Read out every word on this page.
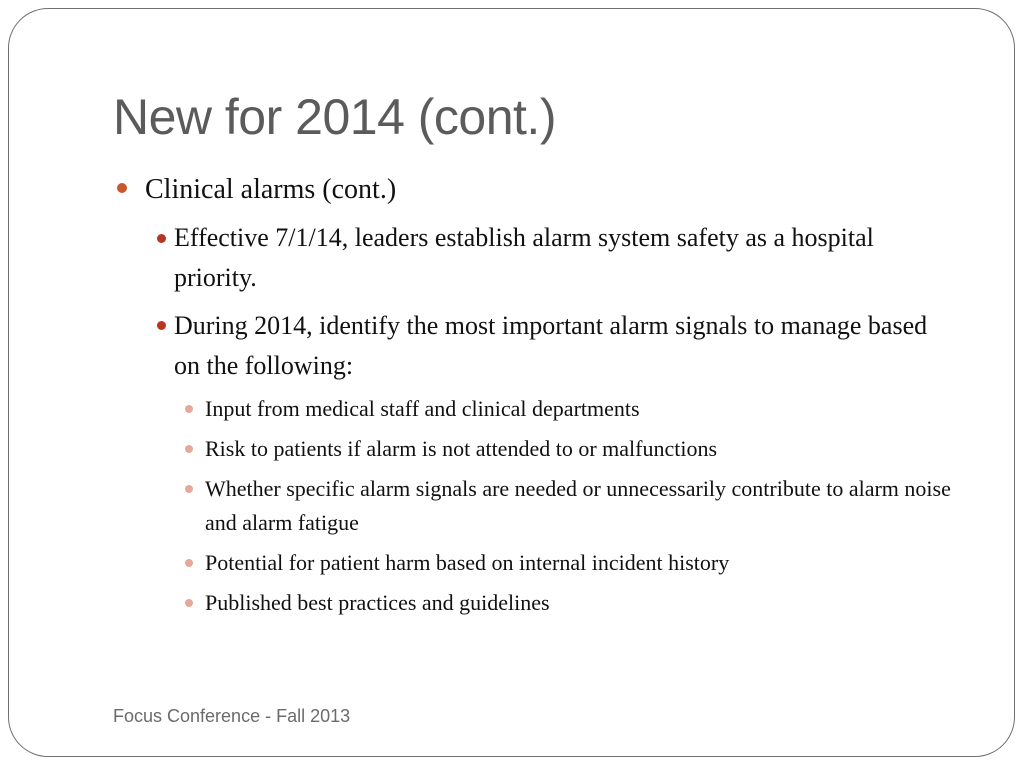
New for 2014 (cont.)

Clinical alarms (cont.)

Effective 7/1/14, leaders establish alarm system safety as a hospital priority.

During 2014, identify the most important alarm signals to manage based on the following:

Input from medical staff and clinical departments

Risk to patients if alarm is not attended to or malfunctions

Whether specific alarm signals are needed or unnecessarily contribute to alarm noise and alarm fatigue

Potential for patient harm based on internal incident history

Published best practices and guidelines

Focus Conference - Fall 2013
